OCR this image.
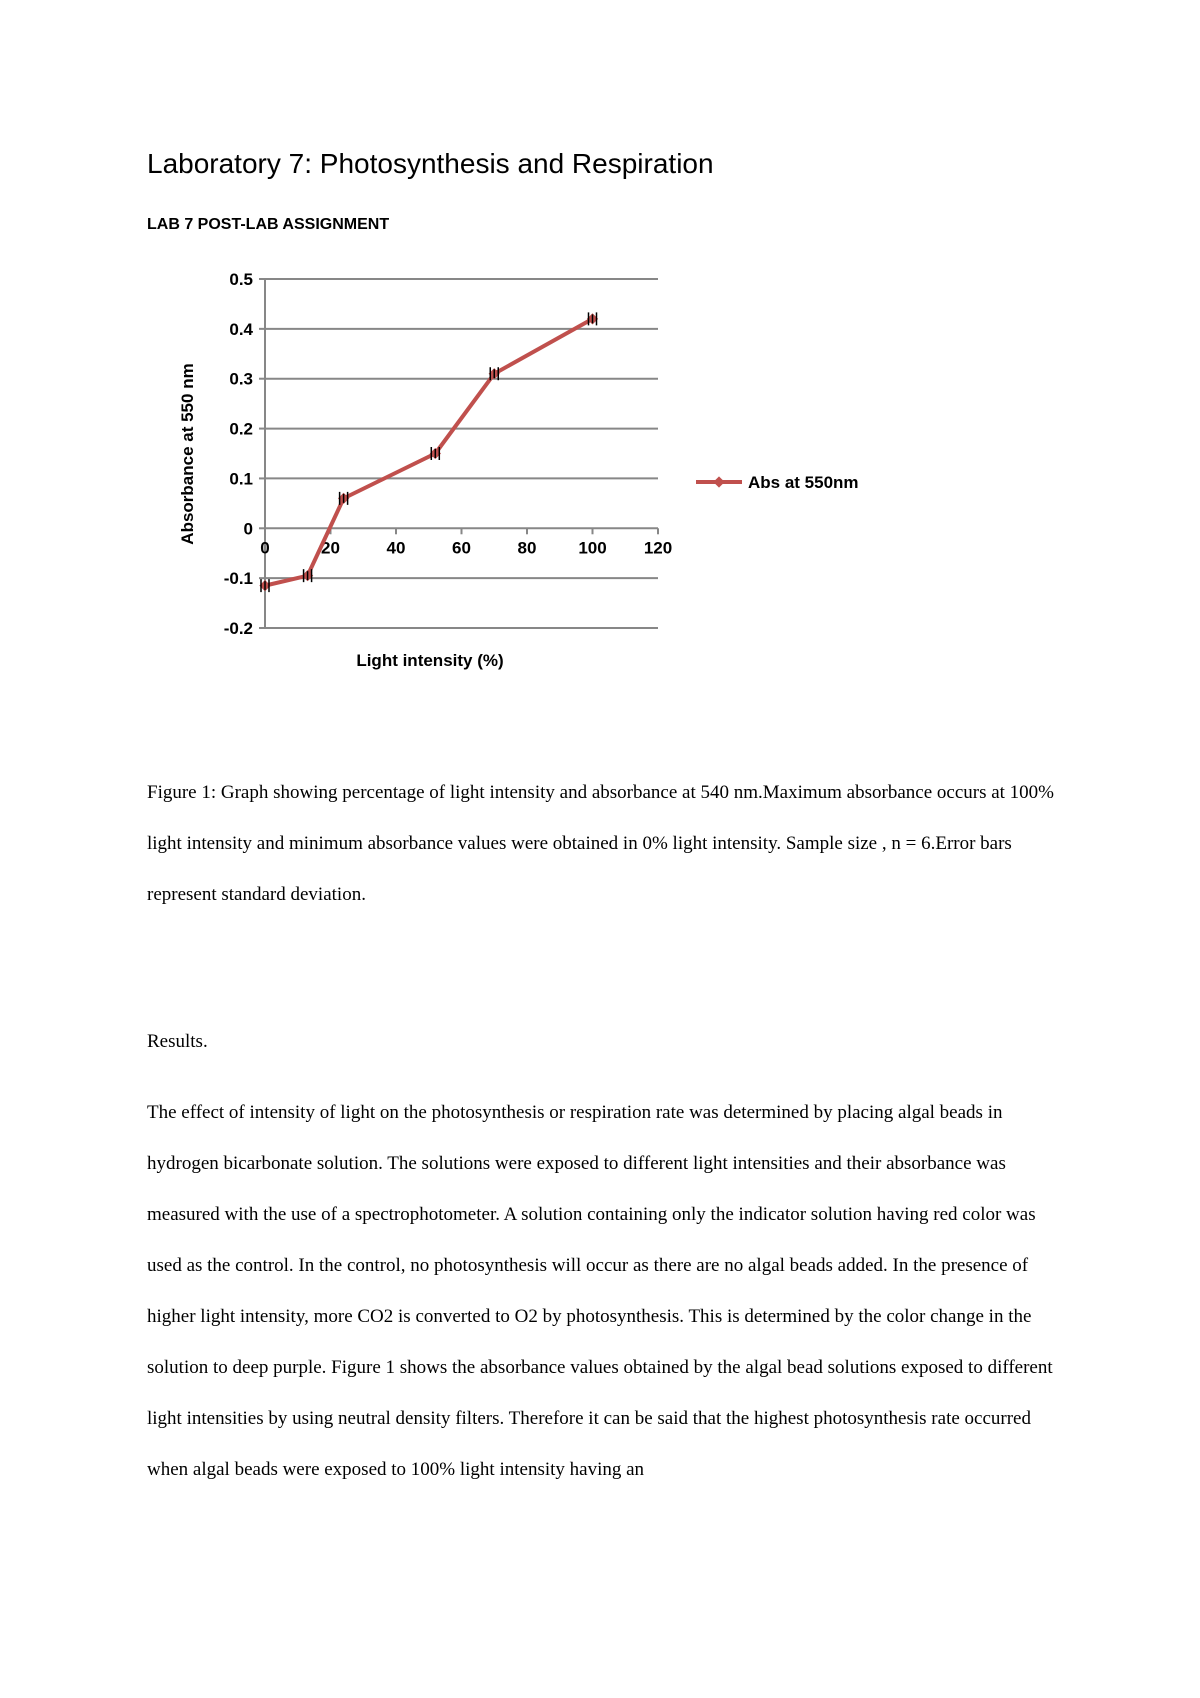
Laboratory 7: Photosynthesis and Respiration
LAB 7 POST-LAB ASSIGNMENT
0.5
0.4
0.3
0.2
0.1
0
-0.1
-0.2
0	20	40	60	80 100 120
Abs at 550nm
Light intensity (%)
Absorbance at 550 nm

Figure 1: Graph showing percentage of light intensity and absorbance at 540 nm.Maximum absorbance occurs at 100% light intensity and minimum absorbance values were obtained in 0% light intensity. Sample size , n = 6.Error bars represent standard deviation.

Results.

The effect of intensity of light on the photosynthesis or respiration rate was determined by placing algal beads in hydrogen bicarbonate solution. The solutions were exposed to different light intensities and their absorbance was measured with the use of a spectrophotometer. A solution containing only the indicator solution having red color was used as the control. In the control, no photosynthesis will occur as there are no algal beads added. In the presence of higher light intensity, more CO2 is converted to O2 by photosynthesis. This is determined by the color change in the solution to deep purple. Figure 1 shows the absorbance values obtained by the algal bead solutions exposed to different light intensities by using neutral density filters. Therefore it can be said that the highest photosynthesis rate occurred when algal beads were exposed to 100% light intensity having an
